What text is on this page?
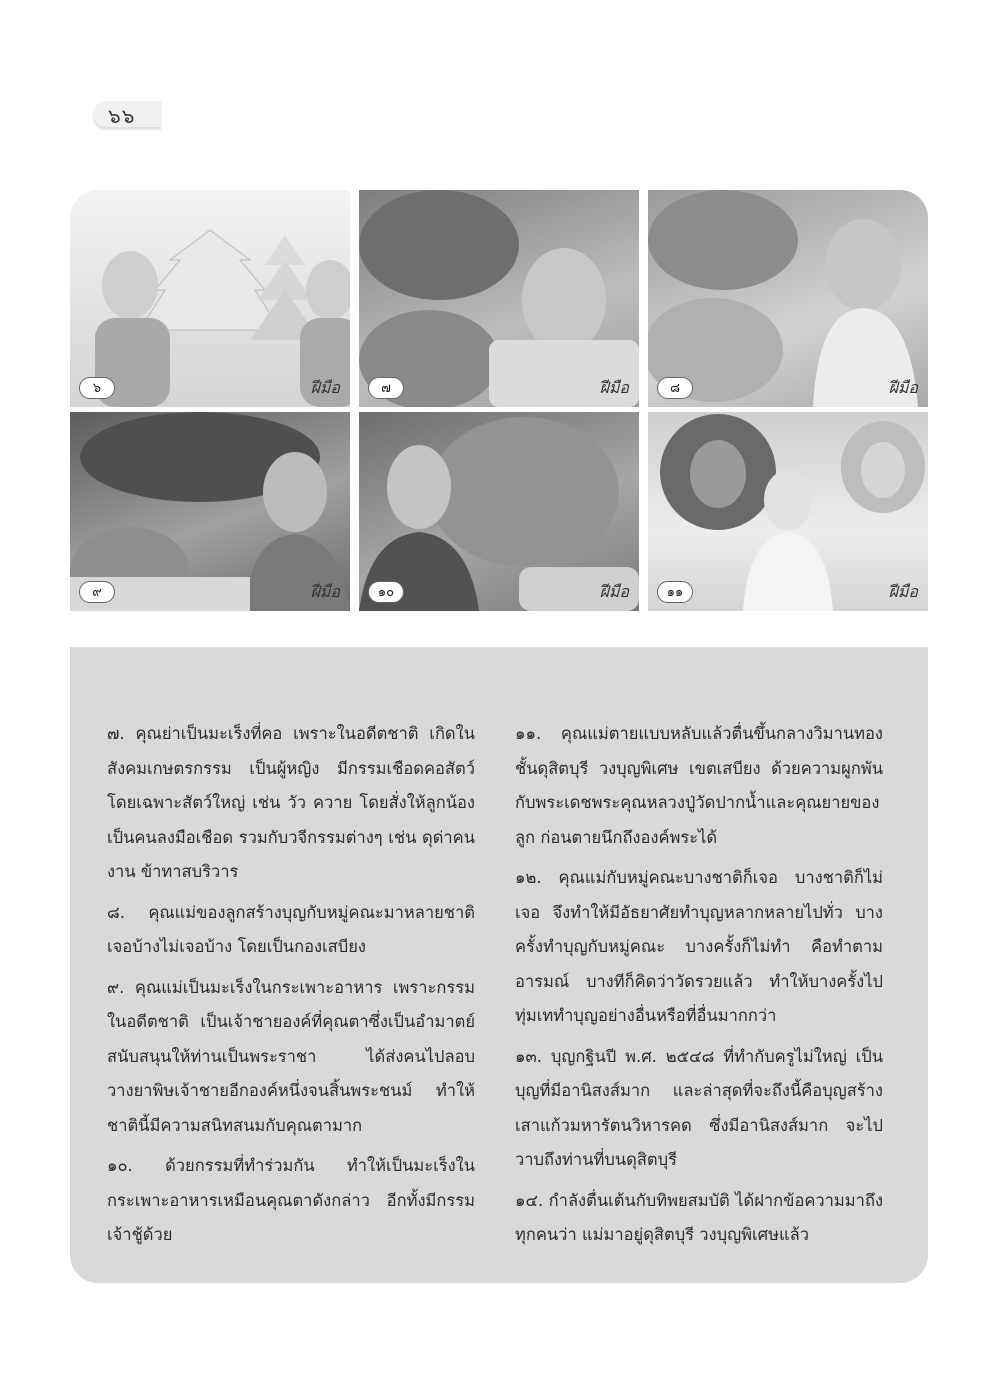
๖๖
๖	ฝีมือ	๗	ฝีมือ	๘	ฝีมือ
๙	ฝีมือ	๑๐	ฝีมือ	๑๑	ฝีมือ

๗. คุณย่าเป็นมะเร็งที่คอ เพราะในอดีตชาติ เกิดในสังคมเกษตรกรรม เป็นผู้หญิง มีกรรมเชือดคอสัตว์โดยเฉพาะสัตว์ใหญ่ เช่น วัว ควาย โดยสั่งให้ลูกน้องเป็นคนลงมือเชือด รวมกับวจีกรรมต่างๆ เช่น ดุด่าคนงาน ข้าทาสบริวาร

๘. คุณแม่ของลูกสร้างบุญกับหมู่คณะมาหลายชาติ เจอบ้างไม่เจอบ้าง โดยเป็นกองเสบียง

๙. คุณแม่เป็นมะเร็งในกระเพาะอาหาร เพราะกรรมในอดีตชาติ เป็นเจ้าชายองค์ที่คุณตาซึ่งเป็นอำมาตย์สนับสนุนให้ท่านเป็นพระราชา ได้ส่งคนไปลอบวางยาพิษเจ้าชายอีกองค์หนึ่งจนสิ้นพระชนม์ ทำให้ชาตินี้มีความสนิทสนมกับคุณตามาก

๑๐. ด้วยกรรมที่ทำร่วมกัน ทำให้เป็นมะเร็งในกระเพาะอาหารเหมือนคุณตาดังกล่าว อีกทั้งมีกรรมเจ้าชู้ด้วย

๑๑. คุณแม่ตายแบบหลับแล้วตื่นขึ้นกลางวิมานทองชั้นดุสิตบุรี วงบุญพิเศษ เขตเสบียง ด้วยความผูกพันกับพระเดชพระคุณหลวงปู่วัดปากน้ำและคุณยายของลูก ก่อนตายนึกถึงองค์พระได้

๑๒. คุณแม่กับหมู่คณะบางชาติก็เจอ บางชาติก็ไม่เจอ จึงทำให้มีอัธยาศัยทำบุญหลากหลายไปทั่ว บางครั้งทำบุญกับหมู่คณะ บางครั้งก็ไม่ทำ คือทำตามอารมณ์ บางทีก็คิดว่าวัดรวยแล้ว ทำให้บางครั้งไปทุ่มเททำบุญอย่างอื่นหรือที่อื่นมากกว่า

๑๓. บุญกฐินปี พ.ศ. ๒๕๔๘ ที่ทำกับครูไม่ใหญ่ เป็นบุญที่มีอานิสงส์มาก และล่าสุดที่จะถึงนี้คือบุญสร้างเสาแก้วมหารัตนวิหารคด ซึ่งมีอานิสงส์มาก จะไปวาบถึงท่านที่บนดุสิตบุรี

๑๔. กำลังตื่นเต้นกับทิพยสมบัติ ได้ฝากข้อความมาถึงทุกคนว่า แม่มาอยู่ดุสิตบุรี วงบุญพิเศษแล้ว
